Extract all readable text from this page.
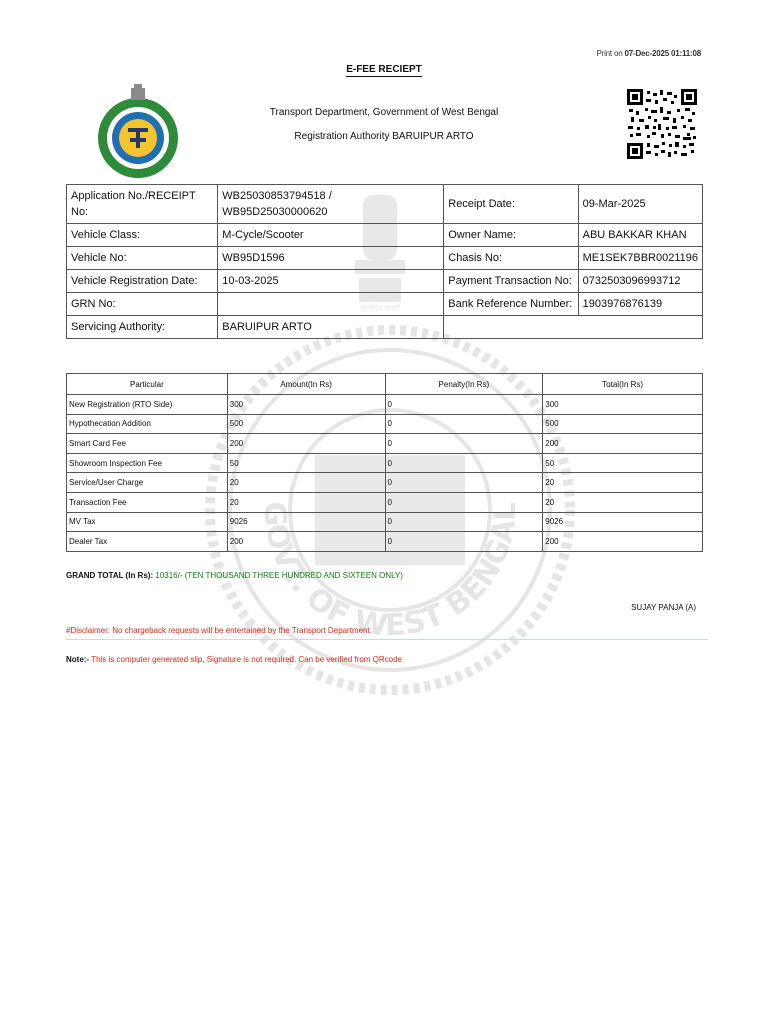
Print on 07-Dec-2025 01:11:08
E-FEE RECIEPT
Transport Department, Government of West Bengal
Registration Authority BARUIPUR ARTO
सत्यमेव जयते
GOVT. OF WEST BENGAL
Application No./RECEIPT No:	WB25030853794518 / WB95D25030000620	Receipt Date:	09-Mar-2025
Vehicle Class:	M-Cycle/Scooter	Owner Name:	ABU BAKKAR KHAN
Vehicle No:	WB95D1596	Chasis No:	ME1SEK7BBR0021196
Vehicle Registration Date:	10-03-2025	Payment Transaction No:	0732503096993712
GRN No:		Bank Reference Number:	1903976876139
Servicing Authority:	BARUIPUR ARTO		
Particular	Amount(In Rs)	Penalty(In Rs)	Total(In Rs)
New Registration (RTO Side)	300	0	300
Hypothecation Addition	500	0	500
Smart Card Fee	200	0	200
Showroom Inspection Fee	50	0	50
Service/User Charge	20	0	20
Transaction Fee	20	0	20
MV Tax	9026	0	9026
Dealer Tax	200	0	200
GRAND TOTAL (In Rs): 10316/- (TEN THOUSAND THREE HUNDRED AND SIXTEEN ONLY)
SUJAY PANJA (A)
#Disclaimer: No chargeback requests will be entertained by the Transport Department.
Note:- This is computer generated slip, Signature is not required. Can be verified from QRcode
